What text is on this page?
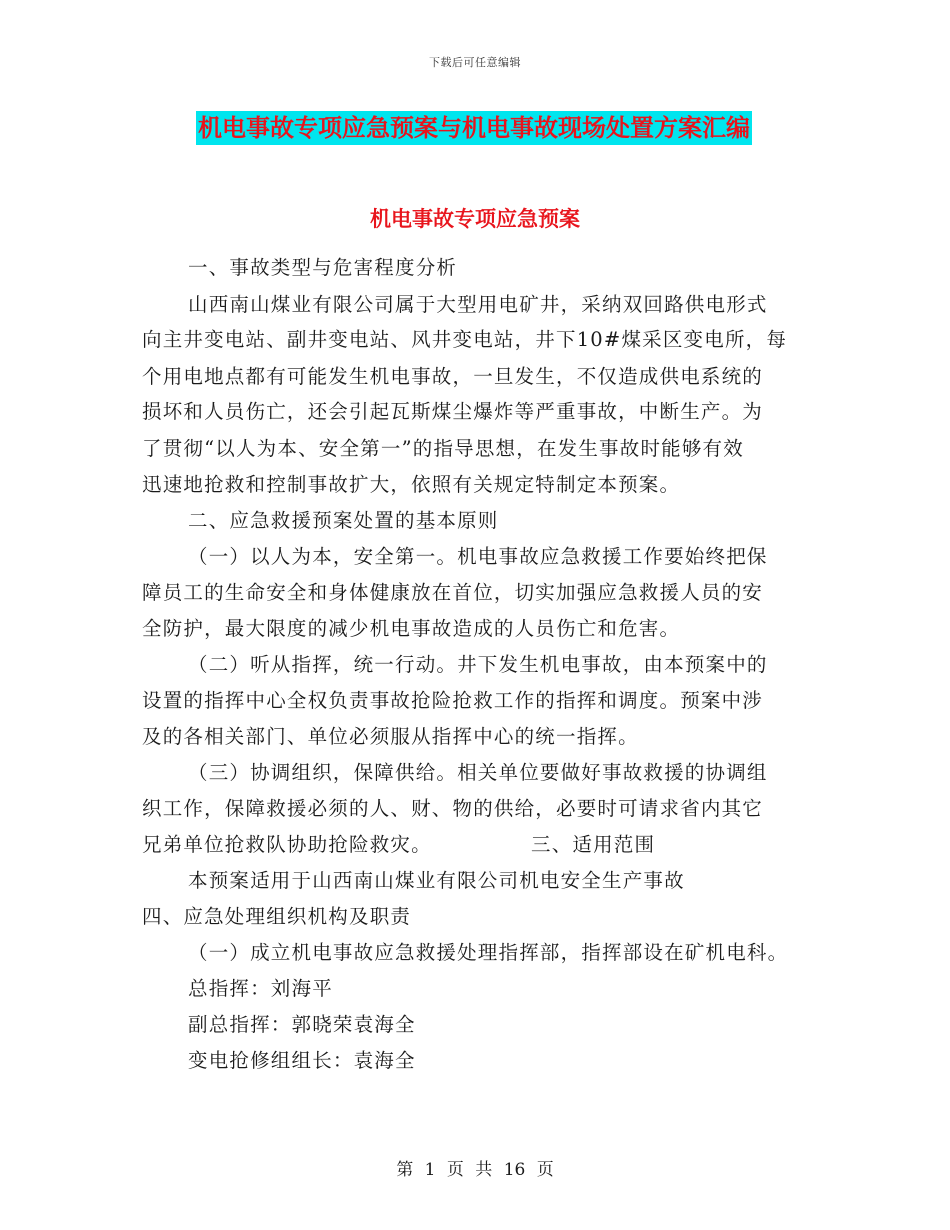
下载后可任意编辑
机电事故专项应急预案与机电事故现场处置方案汇编
机电事故专项应急预案
一、事故类型与危害程度分析
山西南山煤业有限公司属于大型用电矿井，采纳双回路供电形式
向主井变电站、副井变电站、风井变电站，井下10#煤采区变电所，每
个用电地点都有可能发生机电事故，一旦发生，不仅造成供电系统的
损坏和人员伤亡，还会引起瓦斯煤尘爆炸等严重事故，中断生产。为
了贯彻“以人为本、安全第一”的指导思想，在发生事故时能够有效
迅速地抢救和控制事故扩大，依照有关规定特制定本预案。
二、应急救援预案处置的基本原则
（一）以人为本，安全第一。机电事故应急救援工作要始终把保
障员工的生命安全和身体健康放在首位，切实加强应急救援人员的安
全防护，最大限度的减少机电事故造成的人员伤亡和危害。
（二）听从指挥，统一行动。井下发生机电事故，由本预案中的
设置的指挥中心全权负责事故抢险抢救工作的指挥和调度。预案中涉
及的各相关部门、单位必须服从指挥中心的统一指挥。
（三）协调组织，保障供给。相关单位要做好事故救援的协调组
织工作，保障救援必须的人、财、物的供给，必要时可请求省内其它
兄弟单位抢救队协助抢险救灾。	三、适用范围
本预案适用于山西南山煤业有限公司机电安全生产事故
四、应急处理组织机构及职责
（一）成立机电事故应急救援处理指挥部，指挥部设在矿机电科。
总指挥：刘海平
副总指挥：郭晓荣袁海全
变电抢修组组长：袁海全
第 1 页 共 16 页
